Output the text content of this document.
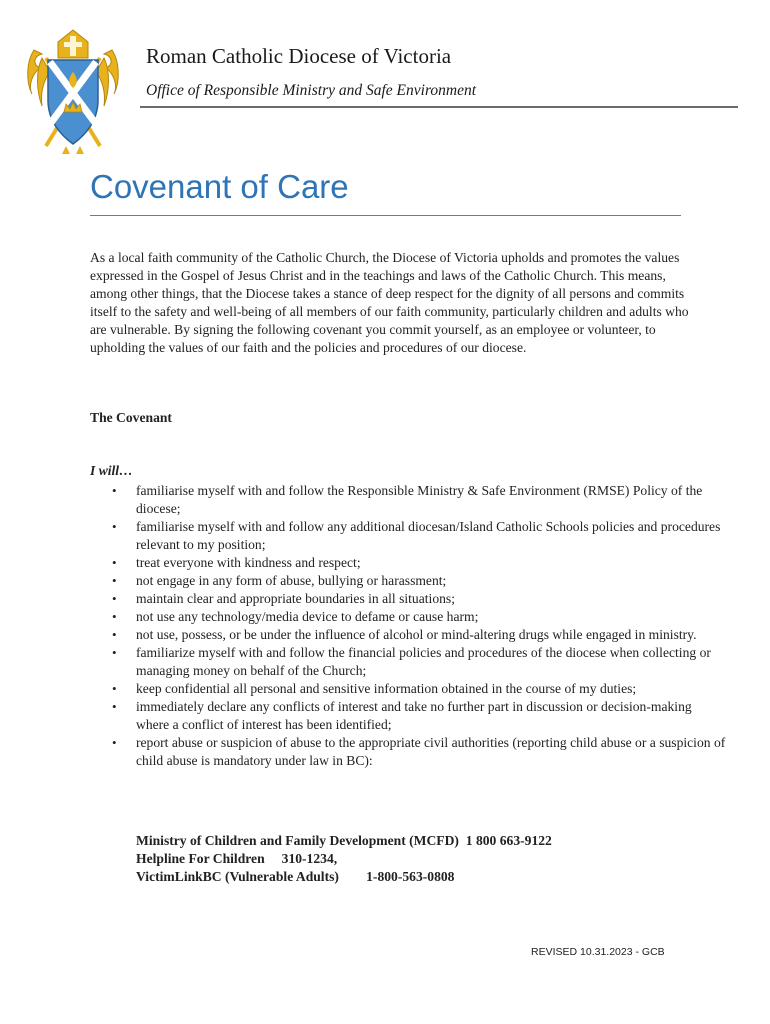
Roman Catholic Diocese of Victoria
Office of Responsible Ministry and Safe Environment
Covenant of Care

As a local faith community of the Catholic Church, the Diocese of Victoria upholds and promotes the values expressed in the Gospel of Jesus Christ and in the teachings and laws of the Catholic Church. This means, among other things, that the Diocese takes a stance of deep respect for the dignity of all persons and commits itself to the safety and well-being of all members of our faith community, particularly children and adults who are vulnerable. By signing the following covenant you commit yourself, as an employee or volunteer, to upholding the values of our faith and the policies and procedures of our diocese.

The Covenant
I will…
• familiarise myself with and follow the Responsible Ministry & Safe Environment (RMSE) Policy of the diocese;
• familiarise myself with and follow any additional diocesan/Island Catholic Schools policies and procedures relevant to my position;
• treat everyone with kindness and respect;
• not engage in any form of abuse, bullying or harassment;
• maintain clear and appropriate boundaries in all situations;
• not use any technology/media device to defame or cause harm;
• not use, possess, or be under the influence of alcohol or mind-altering drugs while engaged in ministry.
• familiarize myself with and follow the financial policies and procedures of the diocese when collecting or managing money on behalf of the Church;
• keep confidential all personal and sensitive information obtained in the course of my duties;
• immediately declare any conflicts of interest and take no further part in discussion or decision-making where a conflict of interest has been identified;
• report abuse or suspicion of abuse to the appropriate civil authorities (reporting child abuse or a suspicion of child abuse is mandatory under law in BC):
Ministry of Children and Family Development (MCFD)  1 800 663-9122
Helpline For Children     310-1234,
VictimLinkBC (Vulnerable Adults)        1-800-563-0808
REVISED 10.31.2023 - GCB
